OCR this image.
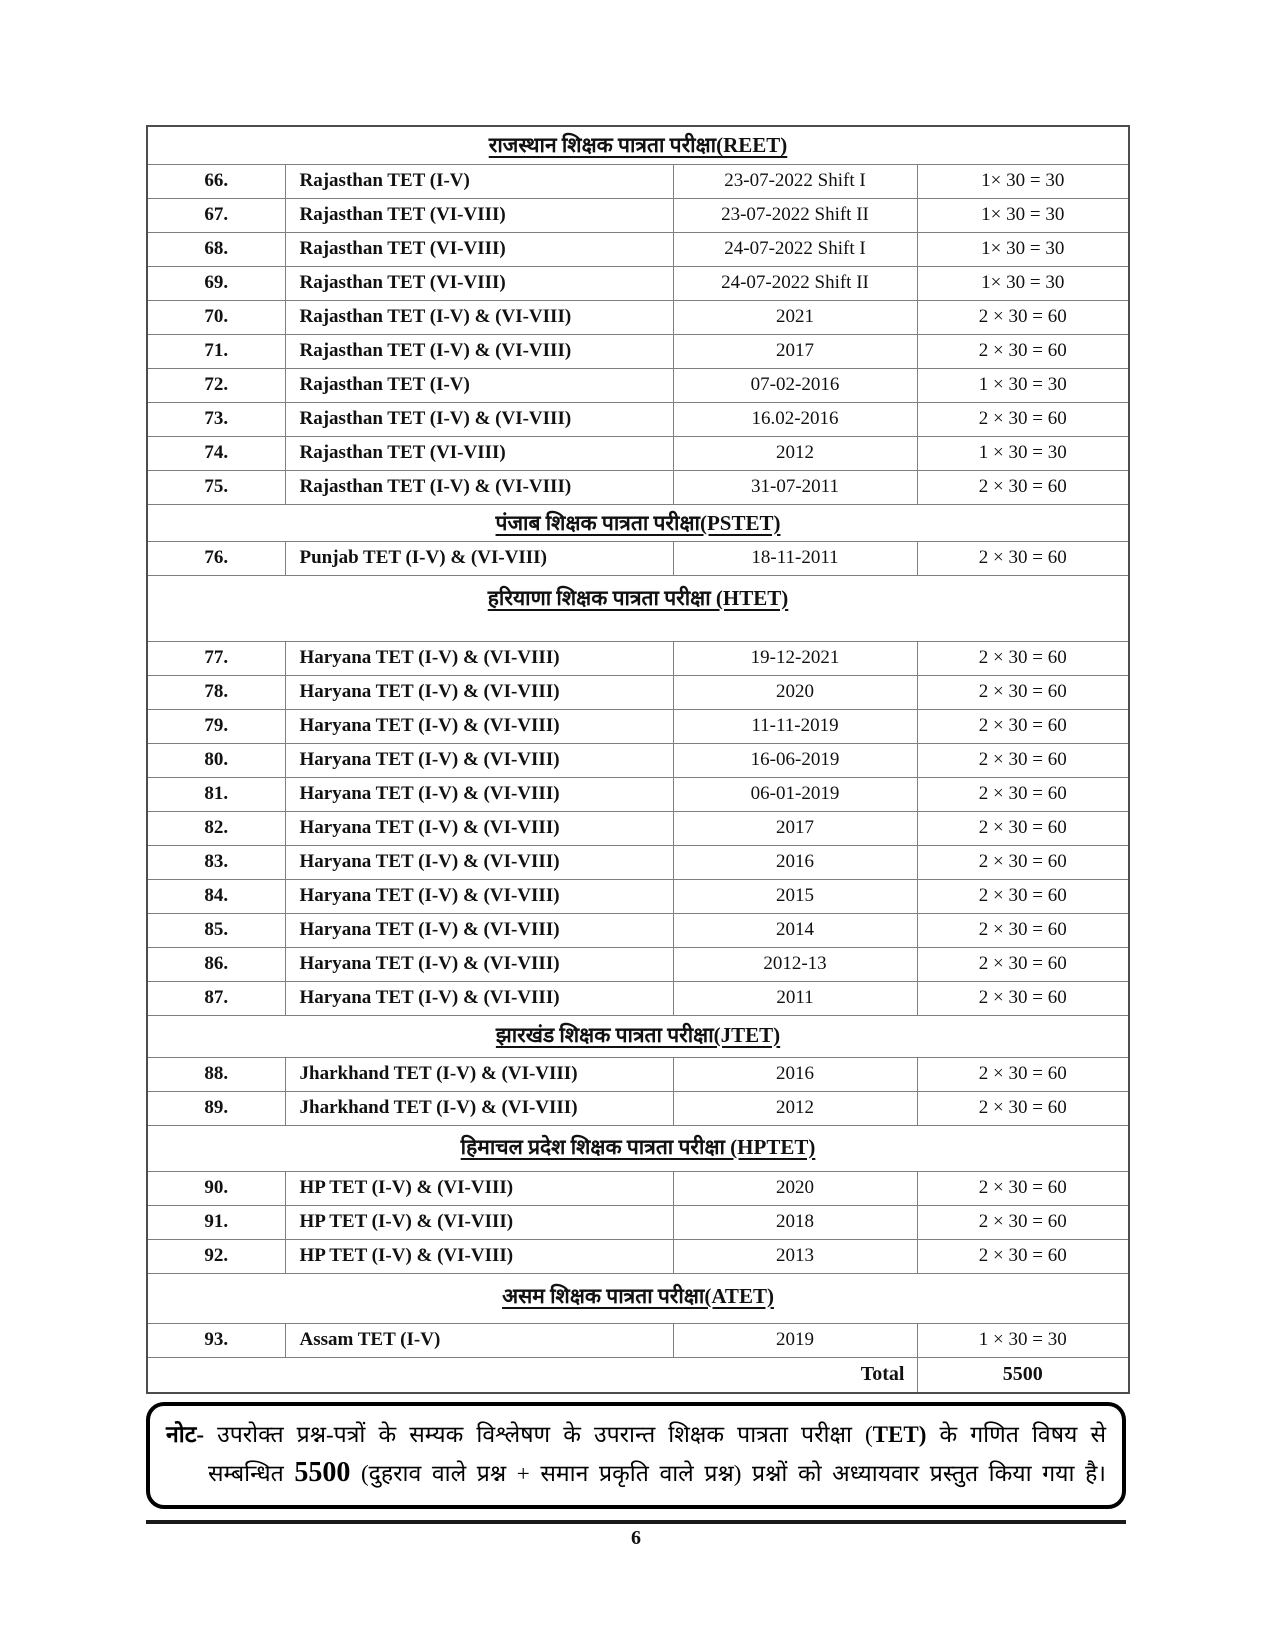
राजस्थान शिक्षक पात्रता परीक्षा(REET)			
66.	Rajasthan TET (I-V)	23-07-2022 Shift I	1× 30 = 30
67.	Rajasthan TET (VI-VIII)	23-07-2022 Shift II	1× 30 = 30
68.	Rajasthan TET (VI-VIII)	24-07-2022 Shift I	1× 30 = 30
69.	Rajasthan TET (VI-VIII)	24-07-2022 Shift II	1× 30 = 30
70.	Rajasthan TET (I-V) & (VI-VIII)	2021	2 × 30 = 60
71.	Rajasthan TET (I-V) & (VI-VIII)	2017	2 × 30 = 60
72.	Rajasthan TET (I-V)	07-02-2016	1 × 30 = 30
73.	Rajasthan TET (I-V) & (VI-VIII)	16.02-2016	2 × 30 = 60
74.	Rajasthan TET (VI-VIII)	2012	1 × 30 = 30
75.	Rajasthan TET (I-V) & (VI-VIII)	31-07-2011	2 × 30 = 60
पंजाब शिक्षक पात्रता परीक्षा(PSTET)			
76.	Punjab TET (I-V) & (VI-VIII)	18-11-2011	2 × 30 = 60
हरियाणा शिक्षक पात्रता परीक्षा (HTET)			
77.	Haryana TET (I-V) & (VI-VIII)	19-12-2021	2 × 30 = 60
78.	Haryana TET (I-V) & (VI-VIII)	2020	2 × 30 = 60
79.	Haryana TET (I-V) & (VI-VIII)	11-11-2019	2 × 30 = 60
80.	Haryana TET (I-V) & (VI-VIII)	16-06-2019	2 × 30 = 60
81.	Haryana TET (I-V) & (VI-VIII)	06-01-2019	2 × 30 = 60
82.	Haryana TET (I-V) & (VI-VIII)	2017	2 × 30 = 60
83.	Haryana TET (I-V) & (VI-VIII)	2016	2 × 30 = 60
84.	Haryana TET (I-V) & (VI-VIII)	2015	2 × 30 = 60
85.	Haryana TET (I-V) & (VI-VIII)	2014	2 × 30 = 60
86.	Haryana TET (I-V) & (VI-VIII)	2012-13	2 × 30 = 60
87.	Haryana TET (I-V) & (VI-VIII)	2011	2 × 30 = 60
झारखंड शिक्षक पात्रता परीक्षा(JTET)			
88.	Jharkhand TET (I-V) & (VI-VIII)	2016	2 × 30 = 60
89.	Jharkhand TET (I-V) & (VI-VIII)	2012	2 × 30 = 60
हिमाचल प्रदेश शिक्षक पात्रता परीक्षा (HPTET)			
90.	HP TET (I-V) & (VI-VIII)	2020	2 × 30 = 60
91.	HP TET (I-V) & (VI-VIII)	2018	2 × 30 = 60
92.	HP TET (I-V) & (VI-VIII)	2013	2 × 30 = 60
असम शिक्षक पात्रता परीक्षा(ATET)			
93.	Assam TET (I-V)	2019	1 × 30 = 30
Total			5500
नोट- उपरोक्त प्रश्न-पत्रों के सम्यक विश्लेषण के उपरान्त शिक्षक पात्रता परीक्षा (TET) के गणित विषय से
सम्बन्धित 5500 (दुहराव वाले प्रश्न + समान प्रकृति वाले प्रश्न) प्रश्नों को अध्यायवार प्रस्तुत किया गया है।
6
